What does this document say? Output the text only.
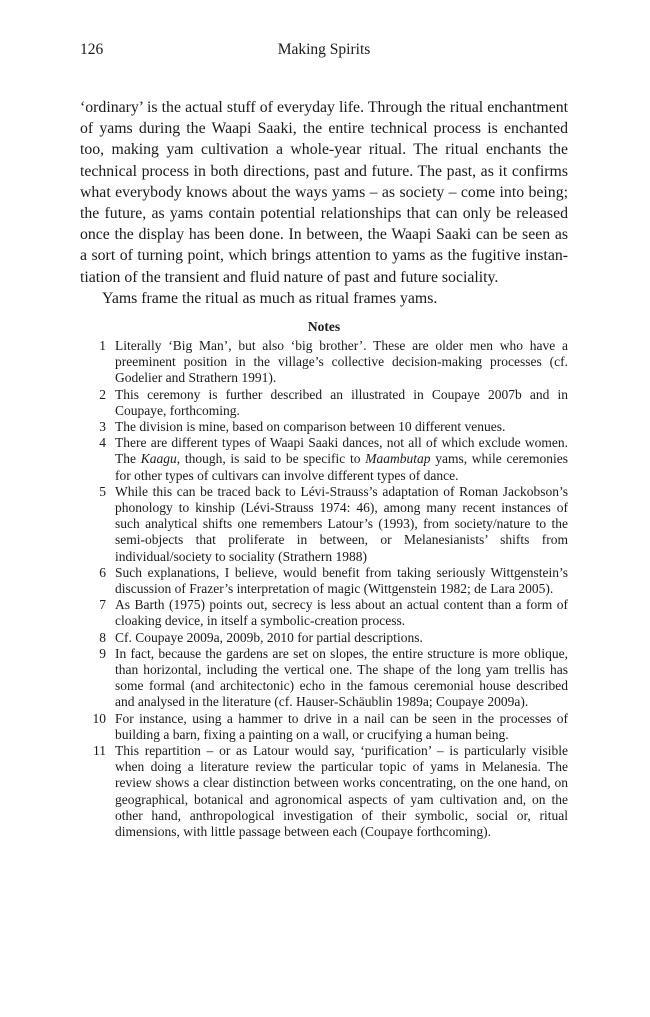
126	Making Spirits

‘ordinary’ is the actual stuff of everyday life. Through the ritual enchantment of yams during the Waapi Saaki, the entire technical process is enchanted too, making yam cultivation a whole-year ritual. The ritual enchants the technical process in both directions, past and future. The past, as it confirms what everybody knows about the ways yams – as society – come into being; the future, as yams contain potential relationships that can only be released once the display has been done. In between, the Waapi Saaki can be seen as a sort of turning point, which brings attention to yams as the fugitive instantiation of the transient and fluid nature of past and future sociality.

Yams frame the ritual as much as ritual frames yams.

Notes
1 Literally ‘Big Man’, but also ‘big brother’. These are older men who have a preeminent position in the village’s collective decision-making processes (cf. Godelier and Strathern 1991).
2 This ceremony is further described an illustrated in Coupaye 2007b and in Coupaye, forthcoming.
3 The division is mine, based on comparison between 10 different venues.
4 There are different types of Waapi Saaki dances, not all of which exclude women. The Kaagu, though, is said to be specific to Maambutap yams, while ceremonies for other types of cultivars can involve different types of dance.
5 While this can be traced back to Lévi-Strauss’s adaptation of Roman Jackobson’s phonology to kinship (Lévi-Strauss 1974: 46), among many recent instances of such analytical shifts one remembers Latour’s (1993), from society/nature to the semi-objects that proliferate in between, or Melanesianists’ shifts from individual/society to sociality (Strathern 1988)
6 Such explanations, I believe, would benefit from taking seriously Wittgenstein’s discussion of Frazer’s interpretation of magic (Wittgenstein 1982; de Lara 2005).
7 As Barth (1975) points out, secrecy is less about an actual content than a form of cloaking device, in itself a symbolic-creation process.
8 Cf. Coupaye 2009a, 2009b, 2010 for partial descriptions.
9 In fact, because the gardens are set on slopes, the entire structure is more oblique, than horizontal, including the vertical one. The shape of the long yam trellis has some formal (and architectonic) echo in the famous ceremonial house described and analysed in the literature (cf. Hauser-Schäublin 1989a; Coupaye 2009a).
10 For instance, using a hammer to drive in a nail can be seen in the processes of building a barn, fixing a painting on a wall, or crucifying a human being.
11 This repartition – or as Latour would say, ‘purification’ – is particularly visible when doing a literature review the particular topic of yams in Melanesia. The review shows a clear distinction between works concentrating, on the one hand, on geographical, botanical and agronomical aspects of yam cultivation and, on the other hand, anthropological investigation of their symbolic, social or, ritual dimensions, with little passage between each (Coupaye forthcoming).
